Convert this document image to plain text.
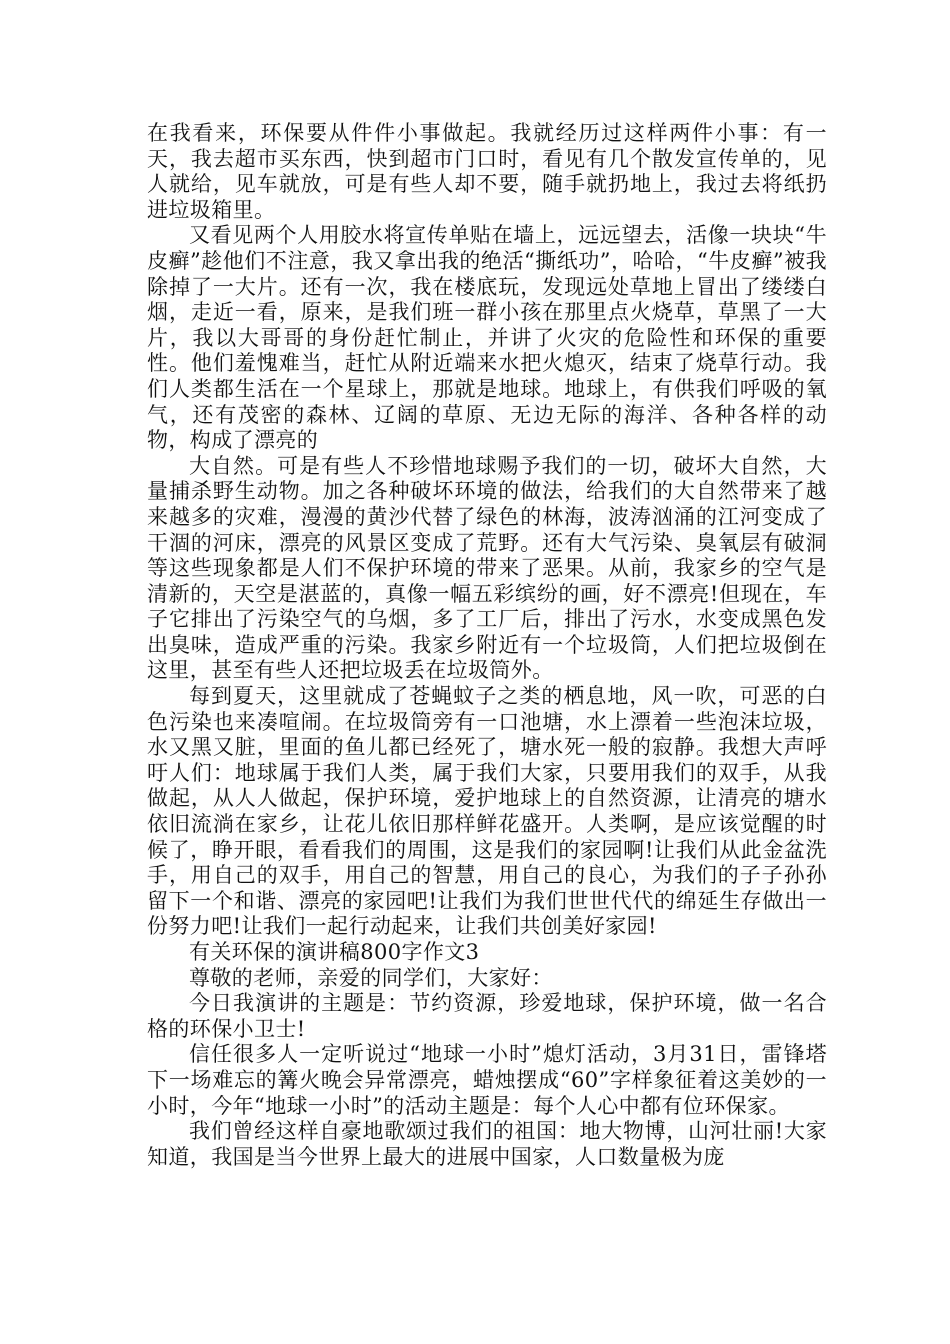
在我看来，环保要从件件小事做起。我就经历过这样两件小事：有一天，我去超市买东西，快到超市门口时，看见有几个散发宣传单的，见人就给，见车就放，可是有些人却不要，随手就扔地上，我过去将纸扔进垃圾箱里。

又看见两个人用胶水将宣传单贴在墙上，远远望去，活像一块块“牛皮癣”趁他们不注意，我又拿出我的绝活“撕纸功”，哈哈，“牛皮癣”被我除掉了一大片。还有一次，我在楼底玩，发现远处草地上冒出了缕缕白烟，走近一看，原来，是我们班一群小孩在那里点火烧草，草黑了一大片，我以大哥哥的身份赶忙制止，并讲了火灾的危险性和环保的重要性。他们羞愧难当，赶忙从附近端来水把火熄灭，结束了烧草行动。我们人类都生活在一个星球上，那就是地球。地球上，有供我们呼吸的氧气，还有茂密的森林、辽阔的草原、无边无际的海洋、各种各样的动物，构成了漂亮的

大自然。可是有些人不珍惜地球赐予我们的一切，破坏大自然，大量捕杀野生动物。加之各种破坏环境的做法，给我们的大自然带来了越来越多的灾难，漫漫的黄沙代替了绿色的林海，波涛汹涌的江河变成了干涸的河床，漂亮的风景区变成了荒野。还有大气污染、臭氧层有破洞等这些现象都是人们不保护环境的带来了恶果。从前，我家乡的空气是清新的，天空是湛蓝的，真像一幅五彩缤纷的画，好不漂亮!但现在，车子它排出了污染空气的乌烟，多了工厂后，排出了污水，水变成黑色发出臭味，造成严重的污染。我家乡附近有一个垃圾筒，人们把垃圾倒在这里，甚至有些人还把垃圾丢在垃圾筒外。

每到夏天，这里就成了苍蝇蚊子之类的栖息地，风一吹，可恶的白色污染也来凑喧闹。在垃圾筒旁有一口池塘，水上漂着一些泡沫垃圾，水又黑又脏，里面的鱼儿都已经死了，塘水死一般的寂静。我想大声呼吁人们：地球属于我们人类，属于我们大家，只要用我们的双手，从我做起，从人人做起，保护环境，爱护地球上的自然资源，让清亮的塘水依旧流淌在家乡，让花儿依旧那样鲜花盛开。人类啊，是应该觉醒的时候了，睁开眼，看看我们的周围，这是我们的家园啊!让我们从此金盆洗手，用自己的双手，用自己的智慧，用自己的良心，为我们的子子孙孙留下一个和谐、漂亮的家园吧!让我们为我们世世代代的绵延生存做出一份努力吧!让我们一起行动起来，让我们共创美好家园!

有关环保的演讲稿800字作文3

尊敬的老师，亲爱的同学们，大家好：

今日我演讲的主题是：节约资源，珍爱地球，保护环境，做一名合格的环保小卫士!

信任很多人一定听说过“地球一小时”熄灯活动，3月31日，雷锋塔下一场难忘的篝火晚会异常漂亮，蜡烛摆成“60”字样象征着这美妙的一小时，今年“地球一小时”的活动主题是：每个人心中都有位环保家。

我们曾经这样自豪地歌颂过我们的祖国：地大物博，山河壮丽!大家知道，我国是当今世界上最大的进展中国家，人口数量极为庞
